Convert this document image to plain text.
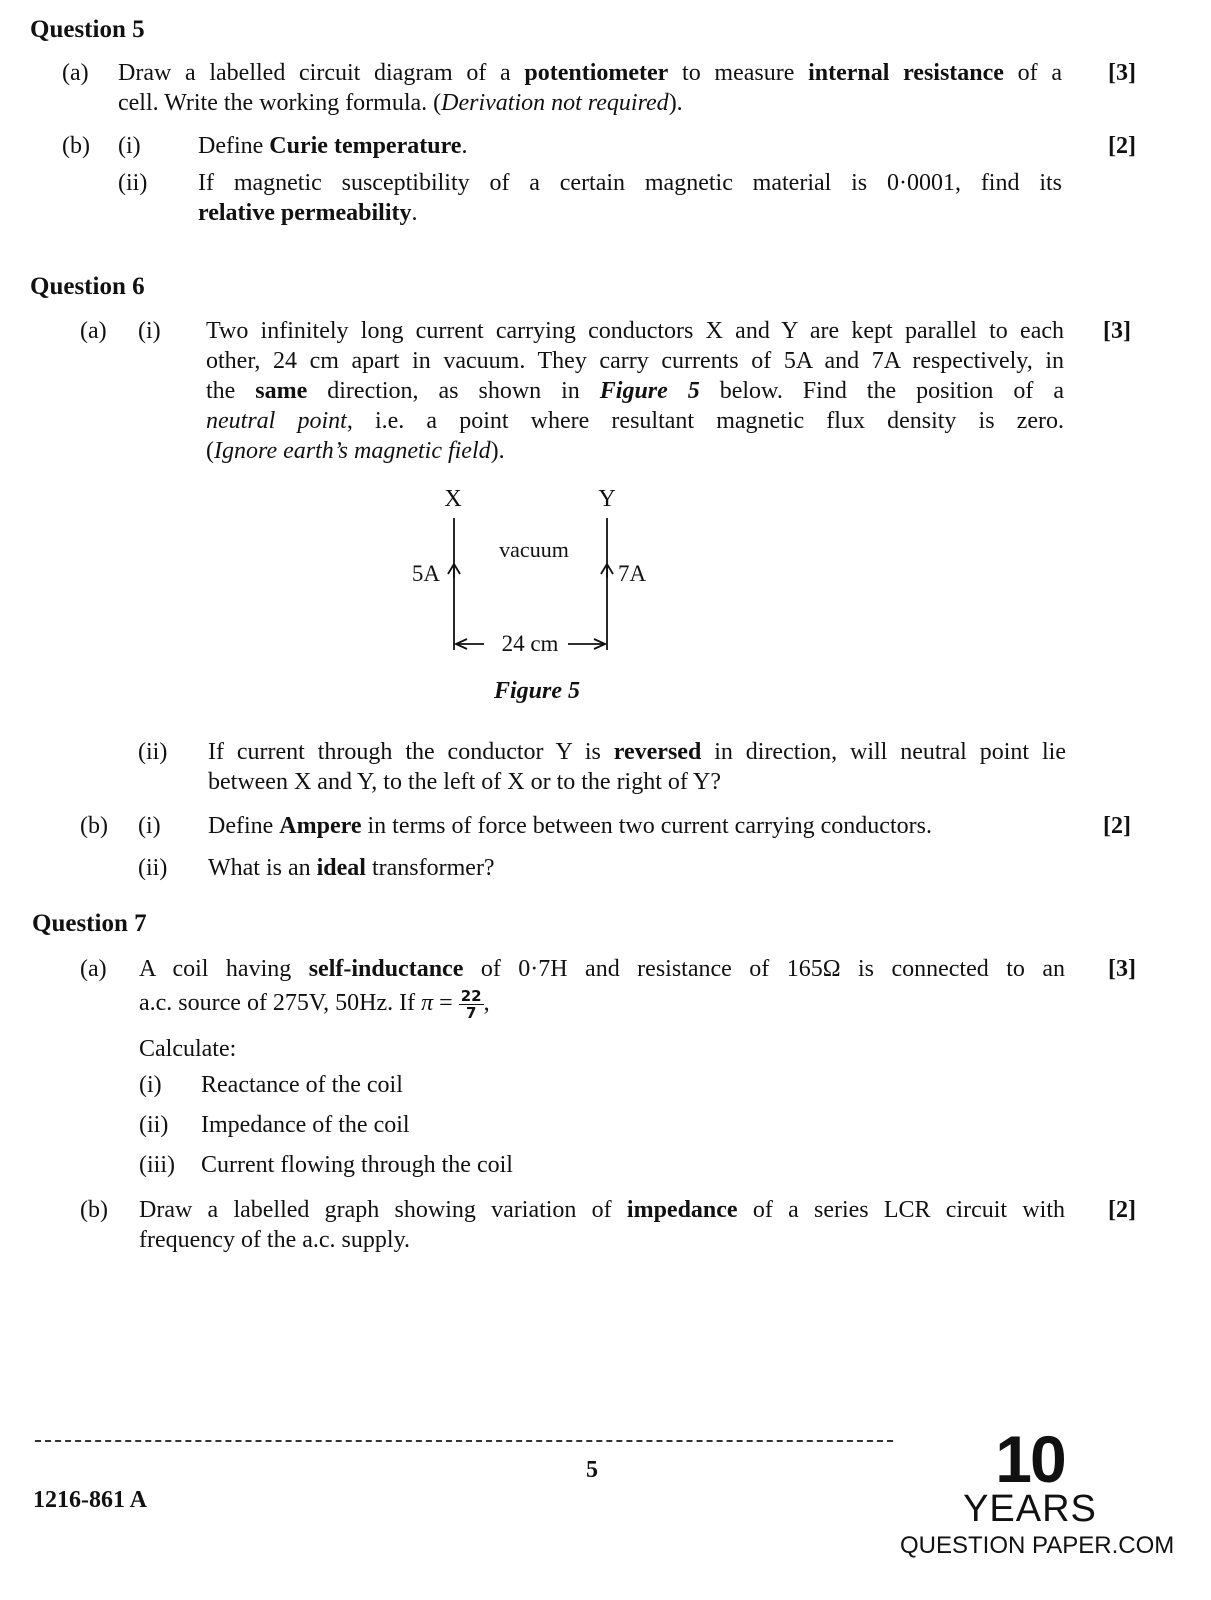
Question 5
(a) Draw a labelled circuit diagram of a potentiometer to measure internal resistance of a
cell. Write the working formula. (Derivation not required).
[3]
(b) (i) Define Curie temperature.	[2]
(ii) If magnetic susceptibility of a certain magnetic material is 0·0001, find its
relative permeability.
Question 6
(a) (i)	[3]
Two infinitely long current carrying conductors X and Y are kept parallel to each
other, 24 cm apart in vacuum. They carry currents of 5A and 7A respectively, in
the same direction, as shown in Figure 5 below. Find the position of a
neutral point, i.e. a point where resultant magnetic flux density is zero.
(Ignore earth’s magnetic field).
X	Y
vacuum
5A	7A
24 cm
Figure 5
(ii) If current through the conductor Y is reversed in direction, will neutral point lie
between X and Y, to the left of X or to the right of Y?
(b) (i) Define Ampere in terms of force between two current carrying conductors.	[2]
(ii) What is an ideal transformer?
Question 7
(a) A coil having self-inductance of 0·7H and resistance of 165Ω is connected to an
a.c. source of 275V, 50Hz. If $\pi = \frac{22}{7}$ ,
[3]
Calculate:
(i) Reactance of the coil
(ii) Impedance of the coil
(iii) Current flowing through the coil
(b) Draw a labelled graph showing variation of impedance of a series LCR circuit with
frequency of the a.c. supply.
[2]
5
1216-861 A
10
YEARS
QUESTION PAPER.COM
